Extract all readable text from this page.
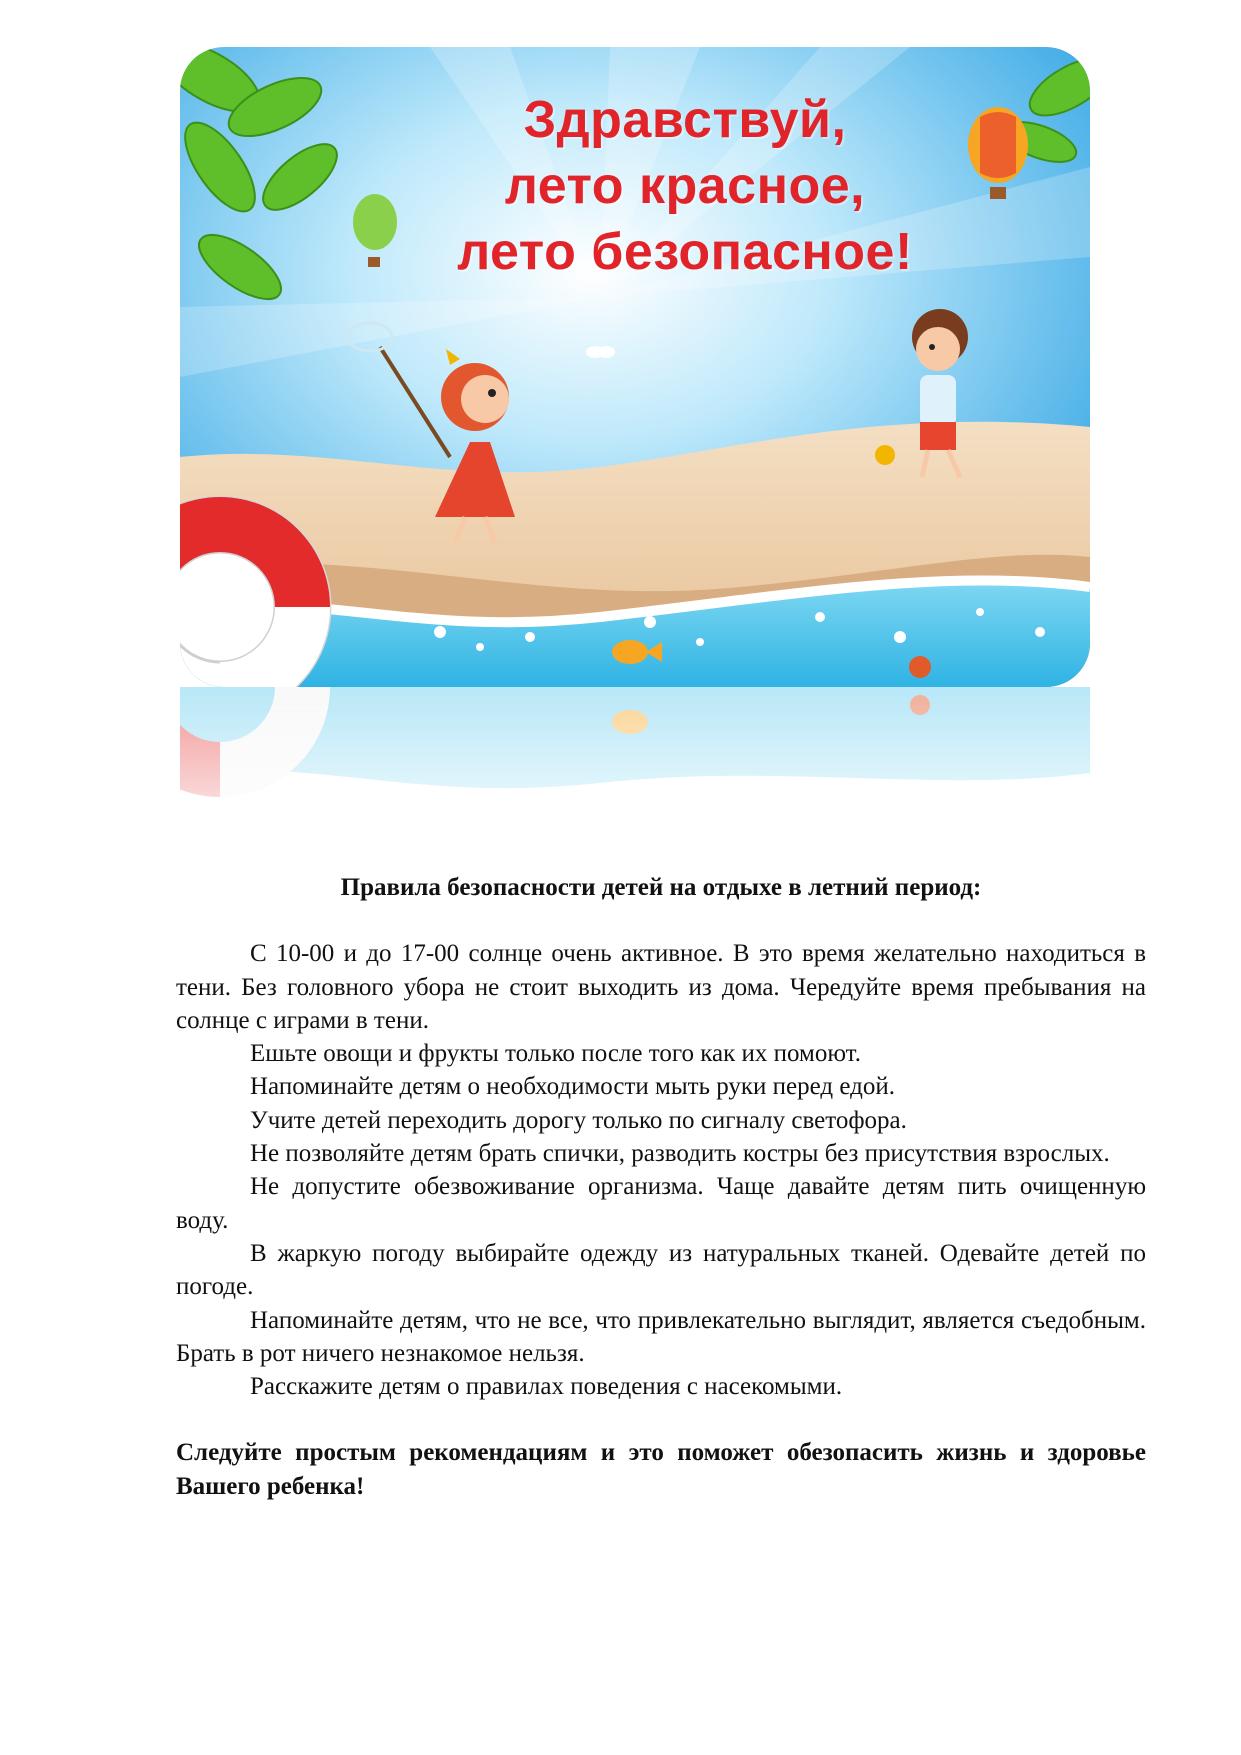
Здравствуй,
лето красное,
лето безопасное!

Правила безопасности детей на отдыхе в летний период:

С 10-00 и до 17-00 солнце очень активное. В это время желательно находиться в тени. Без головного убора не стоит выходить из дома. Чередуйте время пребывания на солнце с играми в тени.

Ешьте овощи и фрукты только после того как их помоют.

Напоминайте детям о необходимости мыть руки перед едой.

Учите детей переходить дорогу только по сигналу светофора.

Не позволяйте детям брать спички, разводить костры без присутствия взрослых.

Не допустите обезвоживание организма. Чаще давайте детям пить очищенную воду.

В жаркую погоду выбирайте одежду из натуральных тканей. Одевайте детей по погоде.

Напоминайте детям, что не все, что привлекательно выглядит, является съедобным. Брать в рот ничего незнакомое нельзя.

Расскажите детям о правилах поведения с насекомыми.

Следуйте простым рекомендациям и это поможет обезопасить жизнь и здоровье Вашего ребенка!
